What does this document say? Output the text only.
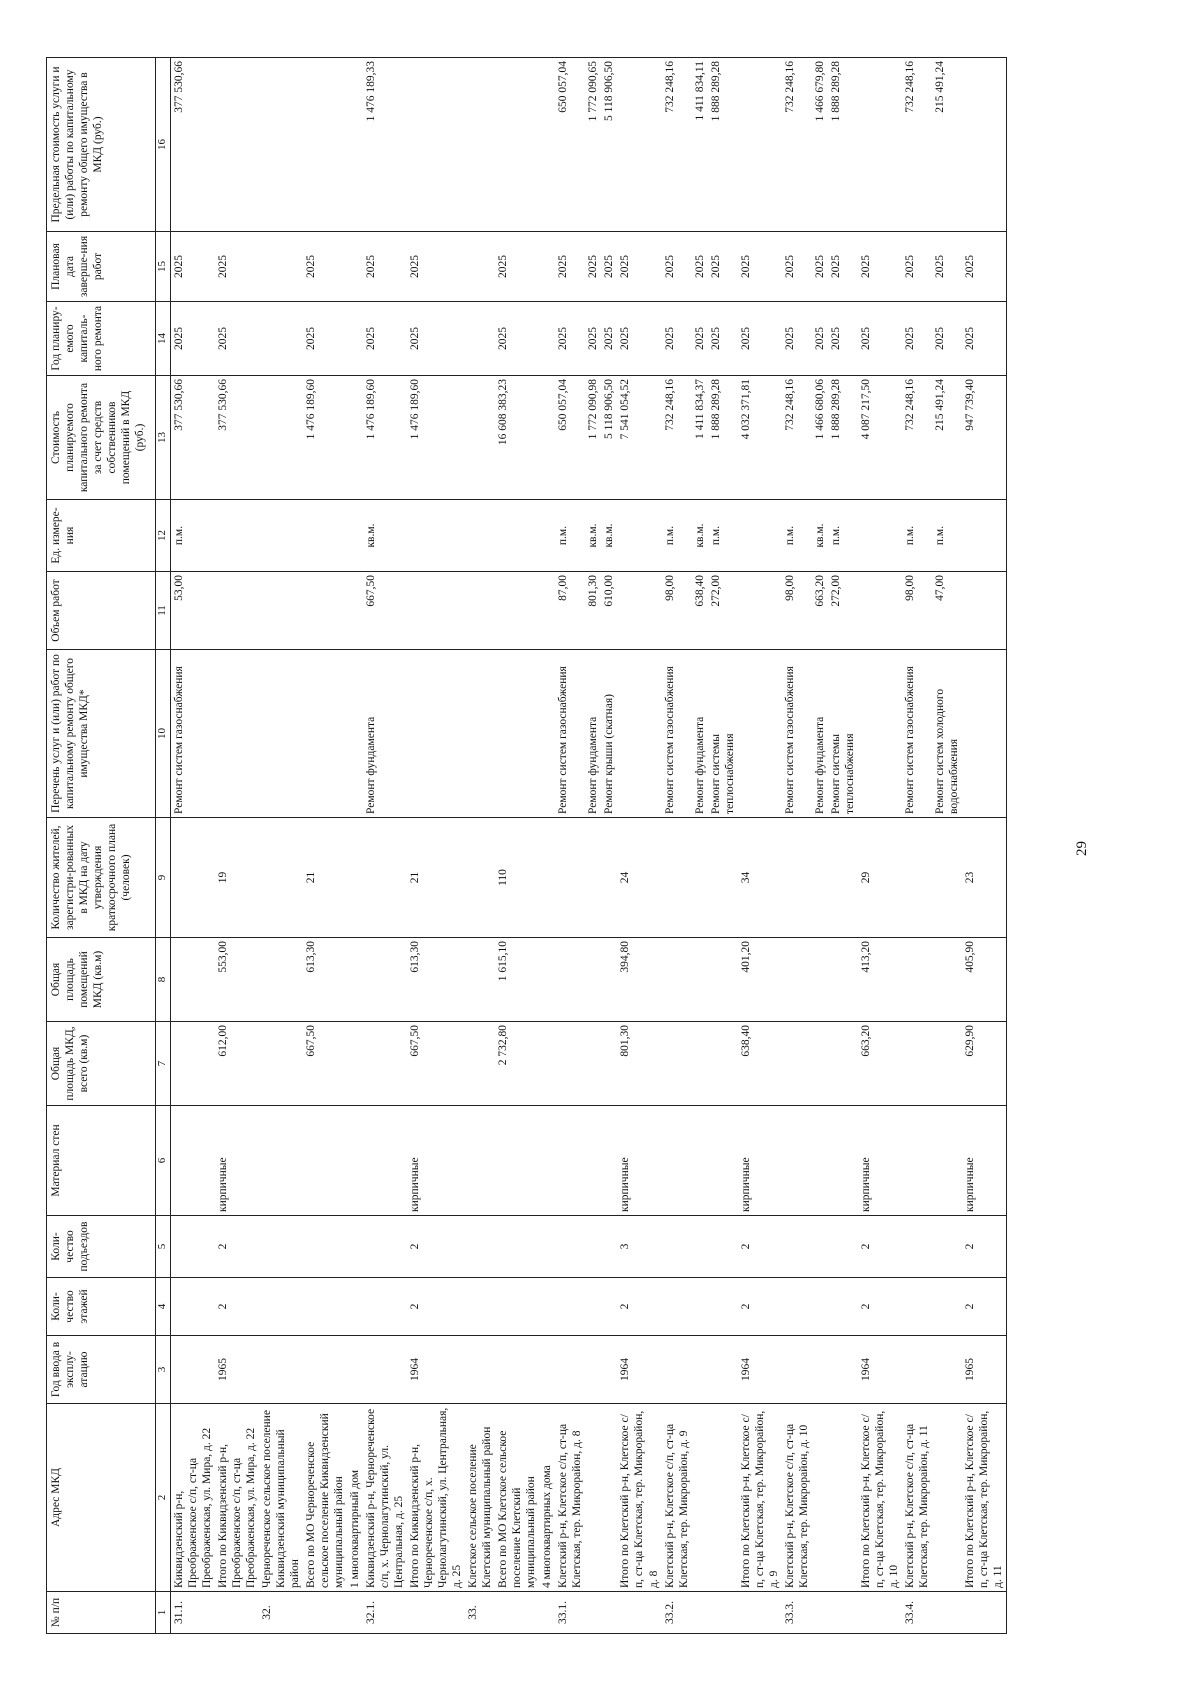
29
№ п/п	Адрес МКД	Год ввода в эксплу-атацию	Коли-чество этажей	Коли-чество подъездов	Материал стен	Общая площадь МКД, всего (кв.м)	Общая площадь помещений МКД (кв.м)	Количество жителей, зарегистри-рованных в МКД на дату утверждения краткосрочного плана (человек)	Перечень услуг и (или) работ по капитальному ремонту общего имущества МКД*	Объем работ	Ед. измере-ния	Стоимость планируемого капитального ремонта за счет средств собственников помещений в МКД (руб.)	Год планиру-емого капиталь-ного ремонта	Плановая дата заверше-ния работ	Предельная стоимость услуги и (или) работы по капитальному ремонту общего имущества в МКД (руб.)
1	2	3	4	5	6	7	8	9	10	11	12	13	14	15	16
31.1.	Киквидзенский р-н, Преображенское с/п, ст-ца Преображенская, ул. Мира, д. 22								Ремонт систем газоснабжения	53,00	п.м.	377 530,66	2025	2025	377 530,66
	Итого по Киквидзенский р-н, Преображенское с/п, ст-ца Преображенская, ул. Мира, д. 22	1965	2	2	кирпичные	612,00	553,00	19				377 530,66	2025	2025	
32.	Чернореченское сельское поселение Киквидзенский муниципальный район														
	Всего по МО Чернореченское сельское поселение Киквидзенский муниципальный район					667,50	613,30	21				1 476 189,60	2025	2025	
	1 многоквартирный дом														
32.1.	Киквидзенский р-н, Чернореченское с/п, х. Чернолагутинский, ул. Центральная, д. 25								Ремонт фундамента	667,50	кв.м.	1 476 189,60	2025	2025	1 476 189,33
	Итого по Киквидзенский р-н, Чернореченское с/п, х. Чернолагутинский, ул. Центральная, д. 25	1964	2	2	кирпичные	667,50	613,30	21				1 476 189,60	2025	2025	
33.	Клетское сельское поселение Клетский муниципальный район														
	Всего по МО Клетское сельское поселение Клетский муниципальный район					2 732,80	1 615,10	110				16 608 383,23	2025	2025	
	4 многоквартирных дома														
33.1.	Клетский р-н, Клетское с/п, ст-ца Клетская, тер. Микрорайон, д. 8								Ремонт систем газоснабжения	87,00	п.м.	650 057,04	2025	2025	650 057,04
									Ремонт фундамента	801,30	кв.м.	1 772 090,98	2025	2025	1 772 090,65
									Ремонт крыши (скатная)	610,00	кв.м.	5 118 906,50	2025	2025	5 118 906,50
	Итого по Клетский р-н, Клетское с/п, ст-ца Клетская, тер. Микрорайон, д. 8	1964	2	3	кирпичные	801,30	394,80	24				7 541 054,52	2025	2025	
33.2.	Клетский р-н, Клетское с/п, ст-ца Клетская, тер. Микрорайон, д. 9								Ремонт систем газоснабжения	98,00	п.м.	732 248,16	2025	2025	732 248,16
									Ремонт фундамента	638,40	кв.м.	1 411 834,37	2025	2025	1 411 834,11
									Ремонт системы теплоснабжения	272,00	п.м.	1 888 289,28	2025	2025	1 888 289,28
	Итого по Клетский р-н, Клетское с/п, ст-ца Клетская, тер. Микрорайон, д. 9	1964	2	2	кирпичные	638,40	401,20	34				4 032 371,81	2025	2025	
33.3.	Клетский р-н, Клетское с/п, ст-ца Клетская, тер. Микрорайон, д. 10								Ремонт систем газоснабжения	98,00	п.м.	732 248,16	2025	2025	732 248,16
									Ремонт фундамента	663,20	кв.м.	1 466 680,06	2025	2025	1 466 679,80
									Ремонт системы теплоснабжения	272,00	п.м.	1 888 289,28	2025	2025	1 888 289,28
	Итого по Клетский р-н, Клетское с/п, ст-ца Клетская, тер. Микрорайон, д. 10	1964	2	2	кирпичные	663,20	413,20	29				4 087 217,50	2025	2025	
33.4.	Клетский р-н, Клетское с/п, ст-ца Клетская, тер. Микрорайон, д. 11								Ремонт систем газоснабжения	98,00	п.м.	732 248,16	2025	2025	732 248,16
									Ремонт систем холодного водоснабжения	47,00	п.м.	215 491,24	2025	2025	215 491,24
	Итого по Клетский р-н, Клетское с/п, ст-ца Клетская, тер. Микрорайон, д. 11	1965	2	2	кирпичные	629,90	405,90	23				947 739,40	2025	2025	
